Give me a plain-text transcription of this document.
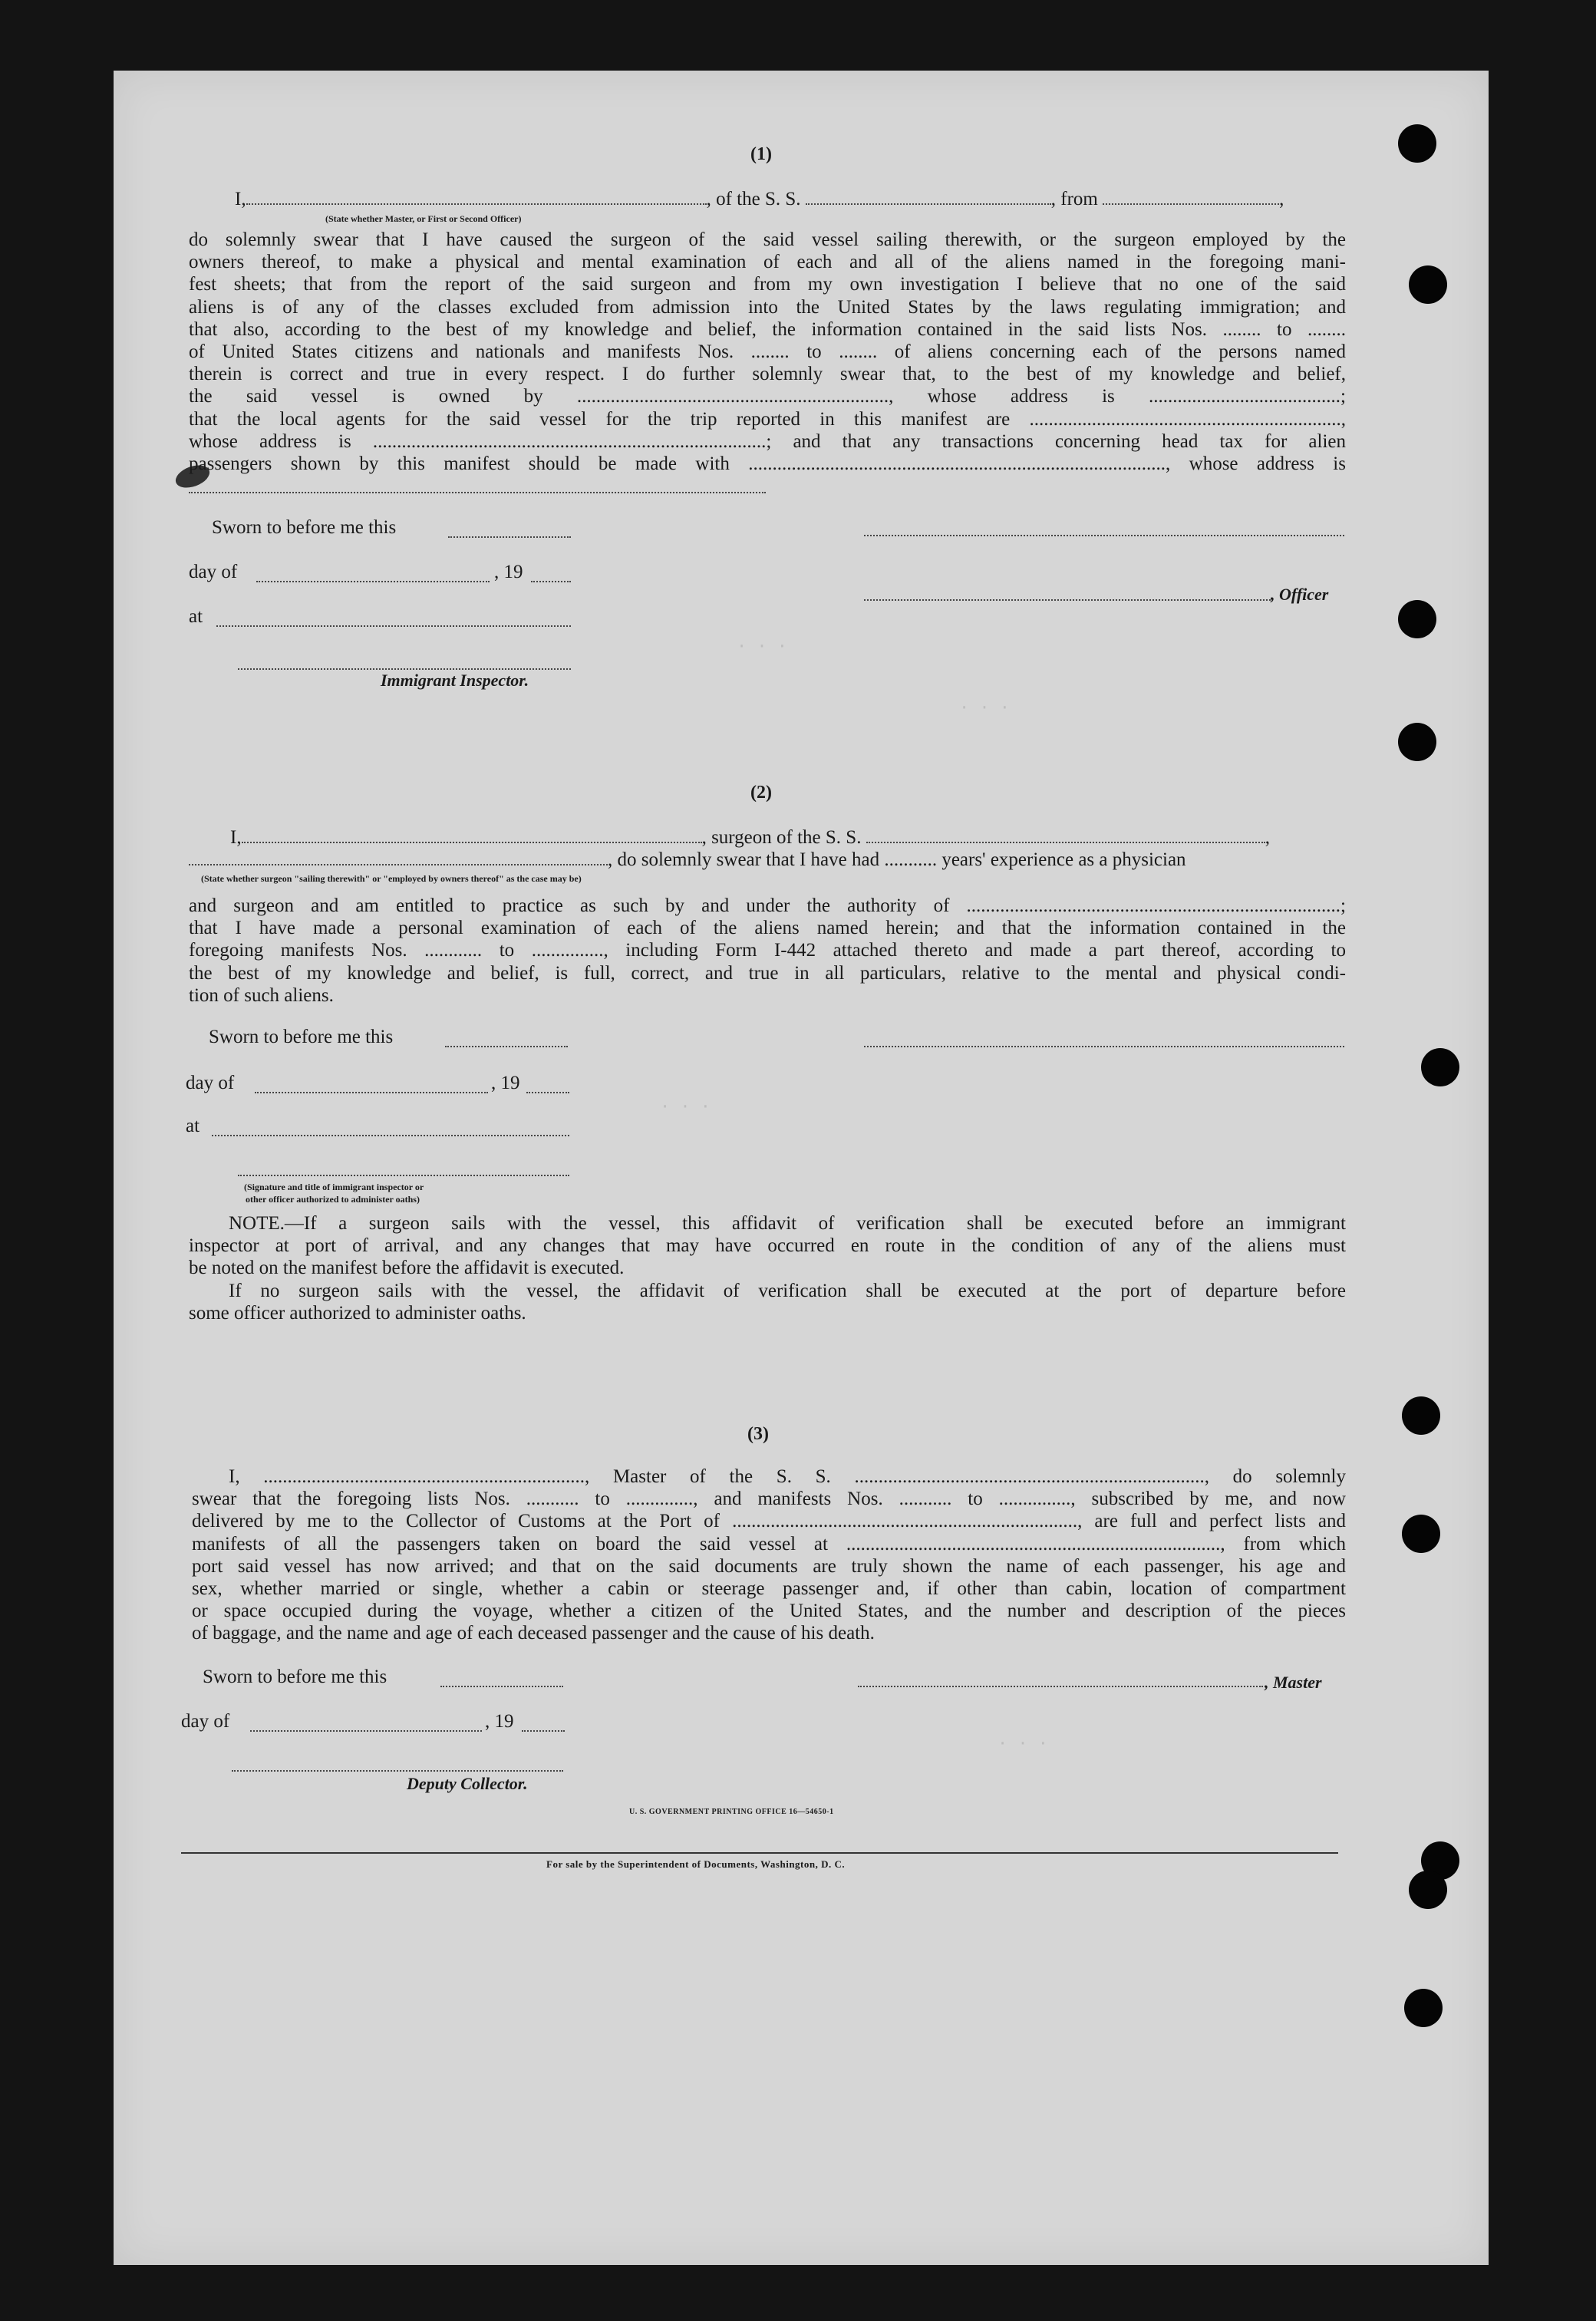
· · ·
· · ·
· · ·
· · ·
(1)
I,	, of the S. S.	, from	,
(State whether Master, or First or Second Officer)

do solemnly swear that I have caused the surgeon of the said vessel sailing therewith, or the surgeon employed by the
owners thereof, to make a physical and mental examination of each and all of the aliens named in the foregoing mani-
fest sheets; that from the report of the said surgeon and from my own investigation I believe that no one of the said
aliens is of any of the classes excluded from admission into the United States by the laws regulating immigration; and
that also, according to the best of my knowledge and belief, the information contained in the said lists Nos. ........ to ........
of United States citizens and nationals and manifests Nos. ........ to ........ of aliens concerning each of the persons named
therein is correct and true in every respect. I do further solemnly swear that, to the best of my knowledge and belief,
the said vessel is owned by ................................................................., whose address is ........................................;
that the local agents for the said vessel for the trip reported in this manifest are .................................................................,
whose address is ..................................................................................; and that any transactions concerning head tax for alien
passengers shown by this manifest should be made with ......................................................................................., whose address is

Sworn to before me this
day of	, 19
at
, Officer
Immigrant Inspector.
(2)
I,	, surgeon of the S. S.	,
, do solemnly swear that I have had ........... years' experience as a physician
(State whether surgeon "sailing therewith" or "employed by owners thereof" as the case may be)

and surgeon and am entitled to practice as such by and under the authority of ..............................................................................;
that I have made a personal examination of each of the aliens named herein; and that the information contained in the
foregoing manifests Nos. ............ to ..............., including Form I-442 attached thereto and made a part thereof, according to
the best of my knowledge and belief, is full, correct, and true in all particulars, relative to the mental and physical condi-
tion of such aliens.

Sworn to before me this
day of	, 19
at
(Signature and title of immigrant inspector or
other officer authorized to administer oaths)

NOTE.—If a surgeon sails with the vessel, this affidavit of verification shall be executed before an immigrant

inspector at port of arrival, and any changes that may have occurred en route in the condition of any of the aliens must
be noted on the manifest before the affidavit is executed.

If no surgeon sails with the vessel, the affidavit of verification shall be executed at the port of departure before

some officer authorized to administer oaths.

(3)

I, ..................................................................., Master of the S. S. ........................................................................., do solemnly
swear that the foregoing lists Nos. ........... to .............., and manifests Nos. ........... to ..............., subscribed by me, and now
delivered by me to the Collector of Customs at the Port of ........................................................................, are full and perfect lists and
manifests of all the passengers taken on board the said vessel at .............................................................................., from which
port said vessel has now arrived; and that on the said documents are truly shown the name of each passenger, his age and
sex, whether married or single, whether a cabin or steerage passenger and, if other than cabin, location of compartment
or space occupied during the voyage, whether a citizen of the United States, and the number and description of the pieces
of baggage, and the name and age of each deceased passenger and the cause of his death.

Sworn to before me this	, Master
day of	, 19
Deputy Collector.
U. S. GOVERNMENT PRINTING OFFICE 16—54650-1
For sale by the Superintendent of Documents, Washington, D. C.
